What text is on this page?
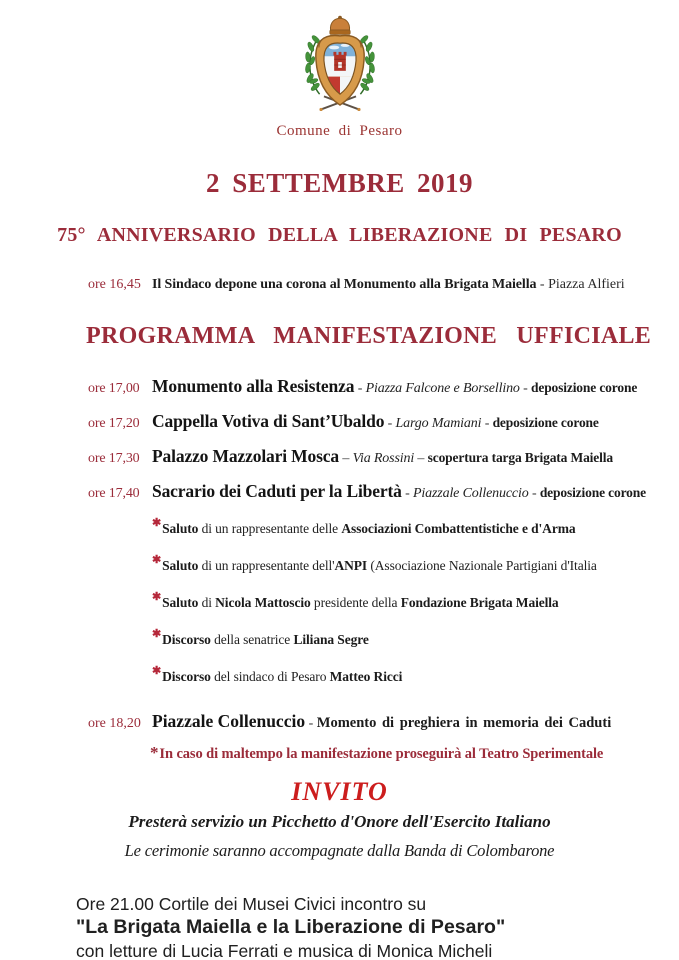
Comune di Pesaro
2 SETTEMBRE 2019
75° ANNIVERSARIO DELLA LIBERAZIONE DI PESARO
ore 16,45 Il Sindaco depone una corona al Monumento alla Brigata Maiella - Piazza Alfieri
PROGRAMMA MANIFESTAZIONE UFFICIALE
ore 17,00 Monumento alla Resistenza - Piazza Falcone e Borsellino - deposizione corone
ore 17,20 Cappella Votiva di Sant’Ubaldo - Largo Mamiani - deposizione corone
ore 17,30 Palazzo Mazzolari Mosca – Via Rossini – scopertura targa Brigata Maiella
ore 17,40 Sacrario dei Caduti per la Libertà - Piazzale Collenuccio - deposizione corone
✱Saluto di un rappresentante delle Associazioni Combattentistiche e d'Arma
✱Saluto di un rappresentante dell'ANPI (Associazione Nazionale Partigiani d'Italia
✱Saluto di Nicola Mattoscio presidente della Fondazione Brigata Maiella
✱Discorso della senatrice Liliana Segre
✱Discorso del sindaco di Pesaro Matteo Ricci
ore 18,20 Piazzale Collenuccio - Momento di preghiera in memoria dei Caduti
*In caso di maltempo la manifestazione proseguirà al Teatro Sperimentale
INVITO
Presterà servizio un Picchetto d'Onore dell'Esercito Italiano
Le cerimonie saranno accompagnate dalla Banda di Colombarone
Ore 21.00 Cortile dei Musei Civici incontro su
"La Brigata Maiella e la Liberazione di Pesaro"
con letture di Lucia Ferrati e musica di Monica Micheli
